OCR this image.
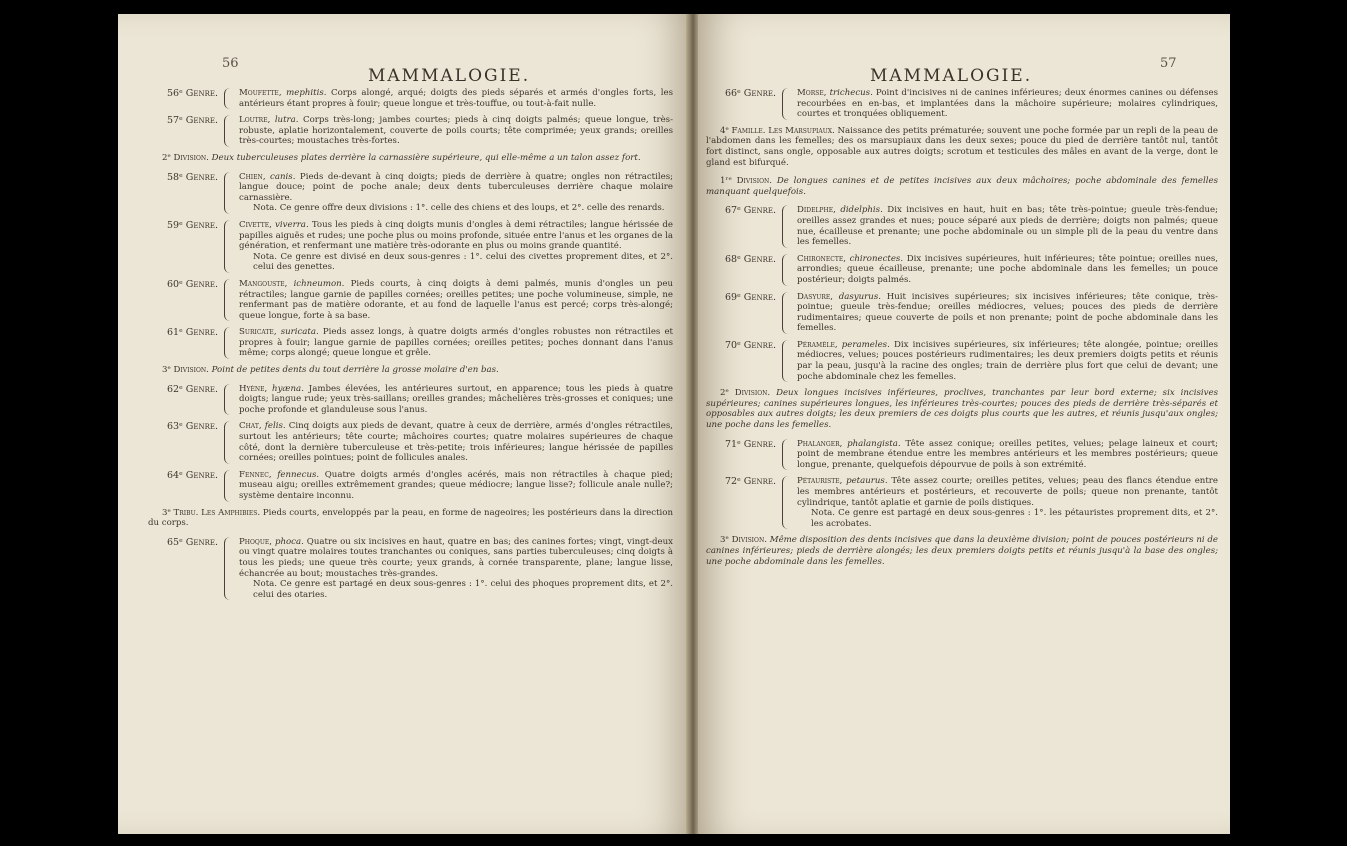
56
MAMMALOGIE.
56ᵉ Genre.	Moufette, mephitis. Corps alongé, arqué; doigts des pieds séparés et armés d'ongles forts, les antérieurs étant propres à fouir; queue longue et très-touffue, ou tout-à-fait nulle.
57ᵉ Genre.	Loutre, lutra. Corps très-long; jambes courtes; pieds à cinq doigts palmés; queue longue, très-robuste, aplatie horizontalement, couverte de poils courts; tête comprimée; yeux grands; oreilles très-courtes; moustaches très-fortes.
2ᵉ Division. Deux tuberculeuses plates derrière la carnassière supérieure, qui elle-même a un talon assez fort.
58ᵉ Genre.	Chien, canis. Pieds de-devant à cinq doigts; pieds de derrière à quatre; ongles non rétractiles; langue douce; point de poche anale; deux dents tuberculeuses derrière chaque molaire carnassière.
Nota. Ce genre offre deux divisions : 1°. celle des chiens et des loups, et 2°. celle des renards.
59ᵉ Genre.	Civette, viverra. Tous les pieds à cinq doigts munis d'ongles à demi rétractiles; langue hérissée de papilles aiguës et rudes; une poche plus ou moins profonde, située entre l'anus et les organes de la génération, et renfermant une matière très-odorante en plus ou moins grande quantité.
Nota. Ce genre est divisé en deux sous-genres : 1°. celui des civettes proprement dites, et 2°. celui des genettes.
60ᵉ Genre.	Mangouste, ichneumon. Pieds courts, à cinq doigts à demi palmés, munis d'ongles un peu rétractiles; langue garnie de papilles cornées; oreilles petites; une poche volumineuse, simple, ne renfermant pas de matière odorante, et au fond de laquelle l'anus est percé; corps très-alongé; queue longue, forte à sa base.
61ᵉ Genre.	Suricate, suricata. Pieds assez longs, à quatre doigts armés d'ongles robustes non rétractiles et propres à fouir; langue garnie de papilles cornées; oreilles petites; poches donnant dans l'anus même; corps alongé; queue longue et grêle.
3ᵉ Division. Point de petites dents du tout derrière la grosse molaire d'en bas.
62ᵉ Genre.	Hyène, hyæna. Jambes élevées, les antérieures surtout, en apparence; tous les pieds à quatre doigts; langue rude; yeux très-saillans; oreilles grandes; mâchelières très-grosses et coniques; une poche profonde et glanduleuse sous l'anus.
63ᵉ Genre.	Chat, felis. Cinq doigts aux pieds de devant, quatre à ceux de derrière, armés d'ongles rétractiles, surtout les antérieurs; tête courte; mâchoires courtes; quatre molaires supérieures de chaque côté, dont la dernière tuberculeuse et très-petite; trois inférieures; langue hérissée de papilles cornées; oreilles pointues; point de follicules anales.
64ᵉ Genre.	Fennec, fennecus. Quatre doigts armés d'ongles acérés, mais non rétractiles à chaque pied; museau aigu; oreilles extrêmement grandes; queue médiocre; langue lisse?; follicule anale nulle?; système dentaire inconnu.
3ᵉ Tribu. Les Amphibies. Pieds courts, enveloppés par la peau, en forme de nageoires; les postérieurs dans la direction du corps.
65ᵉ Genre.	Phoque, phoca. Quatre ou six incisives en haut, quatre en bas; des canines fortes; vingt, vingt-deux ou vingt quatre molaires toutes tranchantes ou coniques, sans parties tuberculeuses; cinq doigts à tous les pieds; une queue très courte; yeux grands, à cornée transparente, plane; langue lisse, échancrée au bout; moustaches très-grandes.
Nota. Ce genre est partagé en deux sous-genres : 1°. celui des phoques proprement dits, et 2°. celui des otaries.
57
MAMMALOGIE.
66ᵉ Genre.	Morse, trichecus. Point d'incisives ni de canines inférieures; deux énormes canines ou défenses recourbées en en-bas, et implantées dans la mâchoire supérieure; molaires cylindriques, courtes et tronquées obliquement.
4ᵉ Famille. Les Marsupiaux. Naissance des petits prématurée; souvent une poche formée par un repli de la peau de l'abdomen dans les femelles; des os marsupiaux dans les deux sexes; pouce du pied de derrière tantôt nul, tantôt fort distinct, sans ongle, opposable aux autres doigts; scrotum et testicules des mâles en avant de la verge, dont le gland est bifurqué.
1ʳᵉ Division. De longues canines et de petites incisives aux deux mâchoires; poche abdominale des femelles manquant quelquefois.
67ᵉ Genre.	Didelphe, didelphis. Dix incisives en haut, huit en bas; tête très-pointue; gueule très-fendue; oreilles assez grandes et nues; pouce séparé aux pieds de derrière; doigts non palmés; queue nue, écailleuse et prenante; une poche abdominale ou un simple pli de la peau du ventre dans les femelles.
68ᵉ Genre.	Chironecte, chironectes. Dix incisives supérieures, huit inférieures; tête pointue; oreilles nues, arrondies; queue écailleuse, prenante; une poche abdominale dans les femelles; un pouce postérieur; doigts palmés.
69ᵉ Genre.	Dasyure, dasyurus. Huit incisives supérieures; six incisives inférieures; tête conique, très-pointue; gueule très-fendue; oreilles médiocres, velues; pouces des pieds de derrière rudimentaires; queue couverte de poils et non prenante; point de poche abdominale dans les femelles.
70ᵉ Genre.	Péramèle, perameles. Dix incisives supérieures, six inférieures; tête alongée, pointue; oreilles médiocres, velues; pouces postérieurs rudimentaires; les deux premiers doigts petits et réunis par la peau, jusqu'à la racine des ongles; train de derrière plus fort que celui de devant; une poche abdominale chez les femelles.
2ᵉ Division. Deux longues incisives inférieures, proclives, tranchantes par leur bord externe; six incisives supérieures; canines supérieures longues, les inférieures très-courtes; pouces des pieds de derrière très-séparés et opposables aux autres doigts; les deux premiers de ces doigts plus courts que les autres, et réunis jusqu'aux ongles; une poche dans les femelles.
71ᵉ Genre.	Phalanger, phalangista. Tête assez conique; oreilles petites, velues; pelage laineux et court; point de membrane étendue entre les membres antérieurs et les membres postérieurs; queue longue, prenante, quelquefois dépourvue de poils à son extrémité.
72ᵉ Genre.	Pétauriste, petaurus. Tête assez courte; oreilles petites, velues; peau des flancs étendue entre les membres antérieurs et postérieurs, et recouverte de poils; queue non prenante, tantôt cylindrique, tantôt aplatie et garnie de poils distiques.
Nota. Ce genre est partagé en deux sous-genres : 1°. les pétauristes proprement dits, et 2°. les acrobates.
3ᵉ Division. Même disposition des dents incisives que dans la deuxième division; point de pouces postérieurs ni de canines inférieures; pieds de derrière alongés; les deux premiers doigts petits et réunis jusqu'à la base des ongles; une poche abdominale dans les femelles.
